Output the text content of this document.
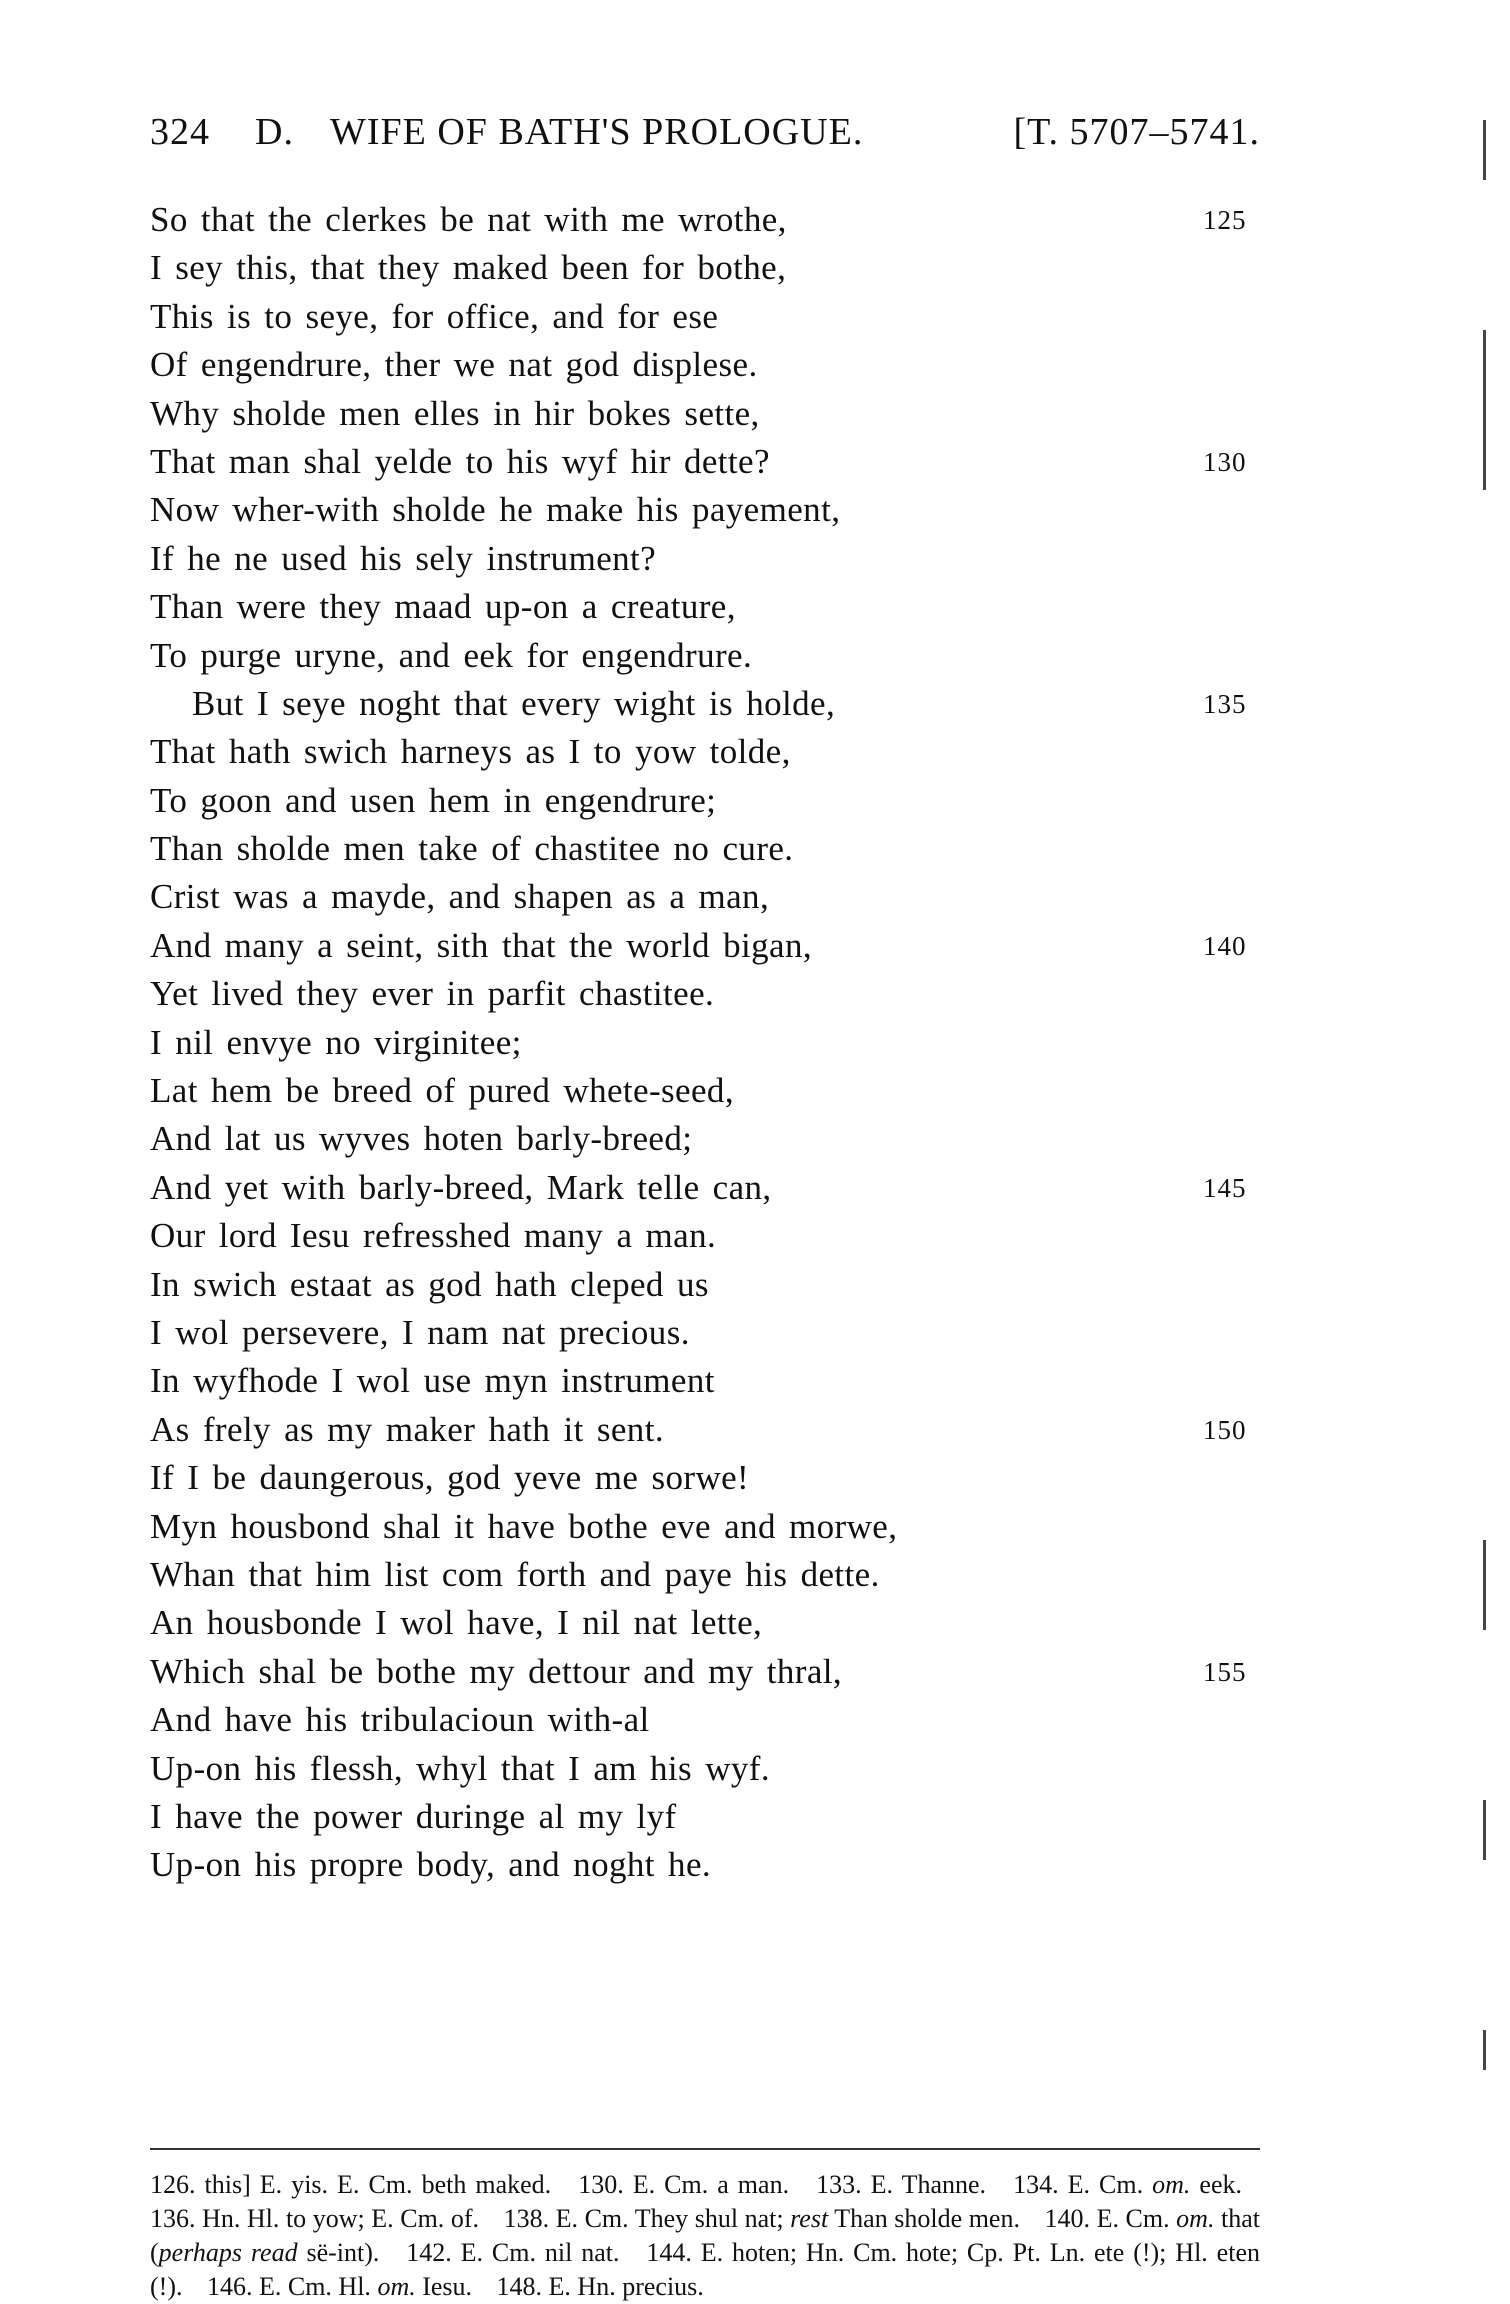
324 D. WIFE OF BATH'S PROLOGUE.	[T. 5707–5741.
So that the clerkes be nat with me wrothe,	125
I sey this, that they maked been for bothe,
This is to seye, for office, and for ese
Of engendrure, ther we nat god displese.
Why sholde men elles in hir bokes sette,
That man shal yelde to his wyf hir dette?	130
Now wher-with sholde he make his payement,
If he ne used his sely instrument?
Than were they maad up-on a creature,
To purge uryne, and eek for engendrure.
But I seye noght that every wight is holde,	135
That hath swich harneys as I to yow tolde,
To goon and usen hem in engendrure;
Than sholde men take of chastitee no cure.
Crist was a mayde, and shapen as a man,
And many a seint, sith that the world bigan,	140
Yet lived they ever in parfit chastitee.
I nil envye no virginitee;
Lat hem be breed of pured whete-seed,
And lat us wyves hoten barly-breed;
And yet with barly-breed, Mark telle can,	145
Our lord Iesu refresshed many a man.
In swich estaat as god hath cleped us
I wol persevere, I nam nat precious.
In wyfhode I wol use myn instrument
As frely as my maker hath it sent.	150
If I be daungerous, god yeve me sorwe!
Myn housbond shal it have bothe eve and morwe,
Whan that him list com forth and paye his dette.
An housbonde I wol have, I nil nat lette,
Which shal be bothe my dettour and my thral,	155
And have his tribulacioun with-al
Up-on his flessh, whyl that I am his wyf.
I have the power duringe al my lyf
Up-on his propre body, and noght he.
126. this] E. yis. E. Cm. beth maked. 130. E. Cm. a man. 133. E. Thanne. 134. E. Cm. om. eek. 136. Hn. Hl. to yow; E. Cm. of. 138. E. Cm. They shul nat; rest Than sholde men. 140. E. Cm. om. that (perhaps read së-int). 142. E. Cm. nil nat. 144. E. hoten; Hn. Cm. hote; Cp. Pt. Ln. ete (!); Hl. eten (!). 146. E. Cm. Hl. om. Iesu. 148. E. Hn. precius.
